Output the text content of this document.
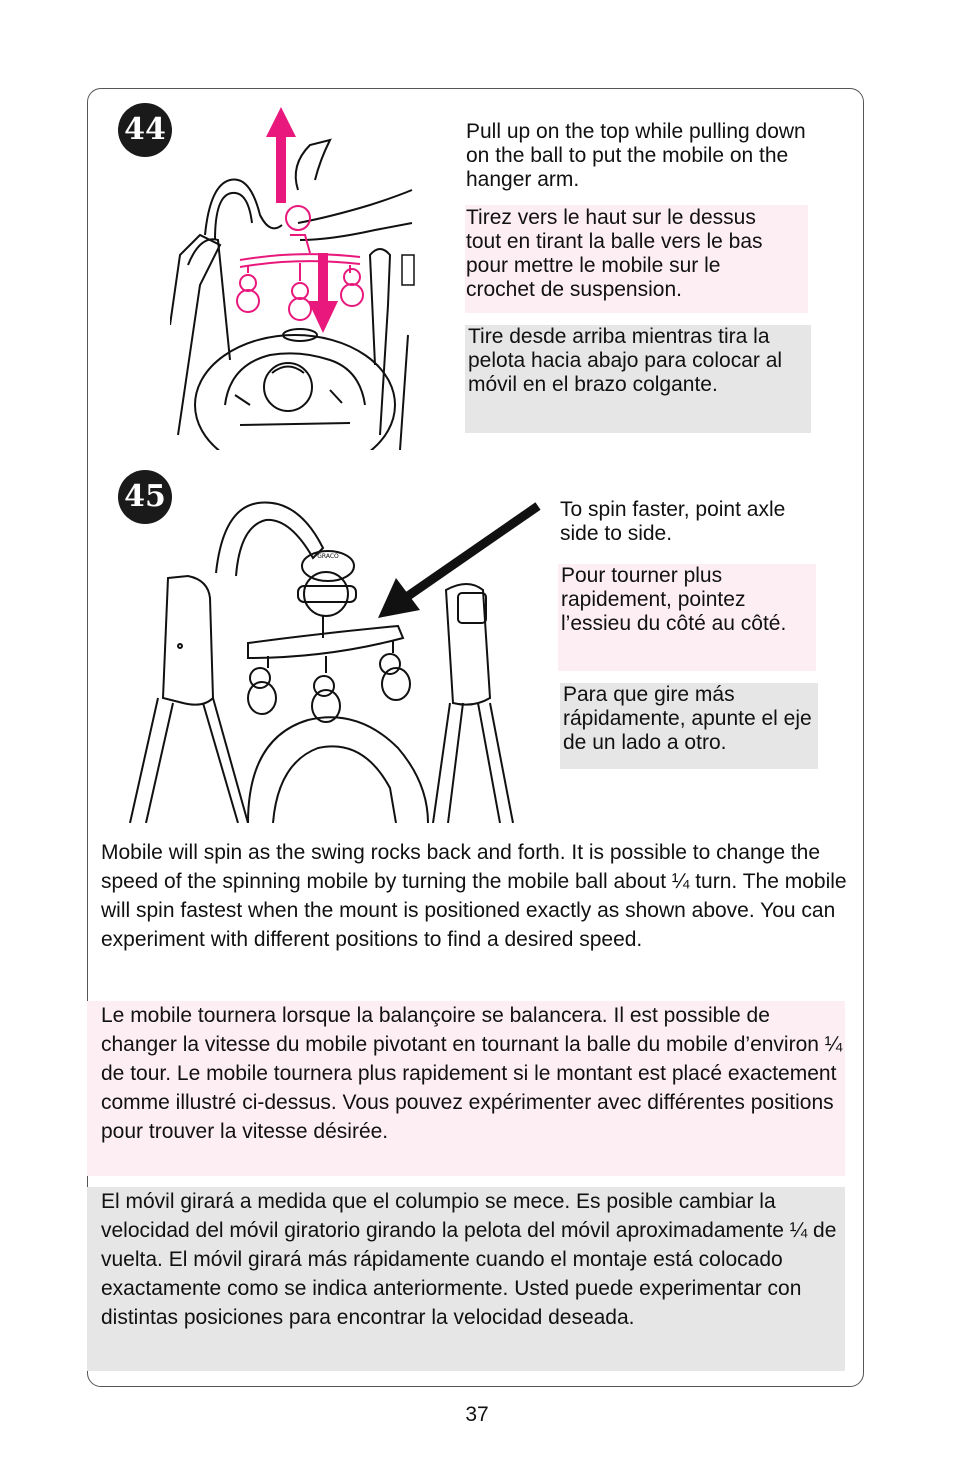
44	Pull up on the top while pulling down on the ball to put the mobile on the hanger arm.
Tirez vers le haut sur le dessus tout en tirant la balle vers le bas pour mettre le mobile sur le crochet de suspension.
Tire desde arriba mientras tira la pelota hacia abajo para colocar al móvil en el brazo colgante.
45
GRACO
To spin faster, point axle side to side.
Pour tourner plus rapidement, pointez l’essieu du côté au côté.
Para que gire más rápidamente, apunte el eje de un lado a otro.
Mobile will spin as the swing rocks back and forth. It is possible to change the speed of the spinning mobile by turning the mobile ball about ¼ turn. The mobile will spin fastest when the mount is positioned exactly as shown above. You can experiment with different positions to find a desired speed.
Le mobile tournera lorsque la balançoire se balancera. Il est possible de changer la vitesse du mobile pivotant en tournant la balle du mobile d’environ ¼ de tour. Le mobile tournera plus rapidement si le montant est placé exactement comme illustré ci-dessus. Vous pouvez expérimenter avec différentes positions pour trouver la vitesse désirée.
El móvil girará a medida que el columpio se mece. Es posible cambiar la velocidad del móvil giratorio girando la pelota del móvil aproximadamente ¼ de vuelta. El móvil girará más rápidamente cuando el montaje está colocado exactamente como se indica anteriormente. Usted puede experimentar con distintas posiciones para encontrar la velocidad deseada.
37
